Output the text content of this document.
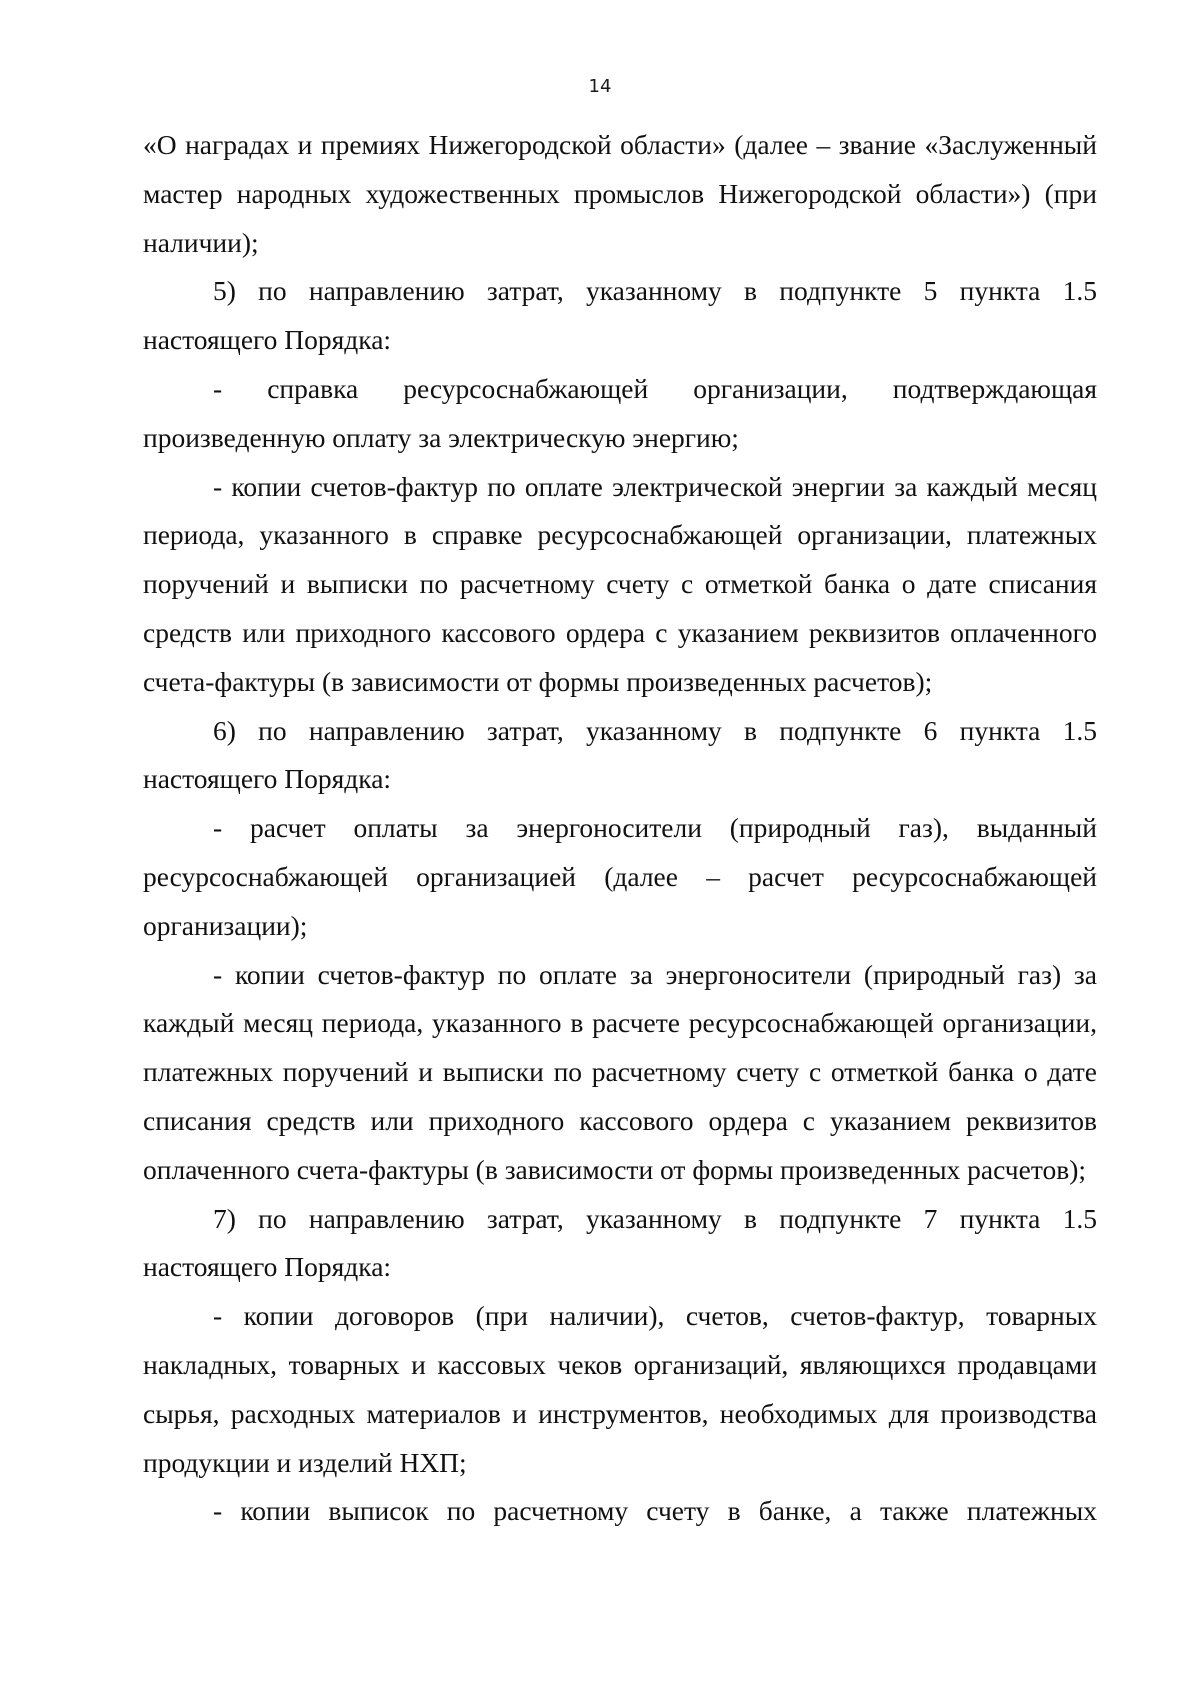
14

«О наградах и премиях Нижегородской области» (далее – звание «Заслуженный мастер народных художественных промыслов Нижегородской области») (при наличии);

5) по направлению затрат, указанному в подпункте 5 пункта 1.5 настоящего Порядка:

- справка ресурсоснабжающей организации, подтверждающая произведенную оплату за электрическую энергию;

- копии счетов-фактур по оплате электрической энергии за каждый месяц периода, указанного в справке ресурсоснабжающей организации, платежных поручений и выписки по расчетному счету с отметкой банка о дате списания средств или приходного кассового ордера с указанием реквизитов оплаченного счета-фактуры (в зависимости от формы произведенных расчетов);

6) по направлению затрат, указанному в подпункте 6 пункта 1.5 настоящего Порядка:

- расчет оплаты за энергоносители (природный газ), выданный ресурсоснабжающей организацией (далее – расчет ресурсоснабжающей организации);

- копии счетов-фактур по оплате за энергоносители (природный газ) за каждый месяц периода, указанного в расчете ресурсоснабжающей организации, платежных поручений и выписки по расчетному счету с отметкой банка о дате списания средств или приходного кассового ордера с указанием реквизитов оплаченного счета-фактуры (в зависимости от формы произведенных расчетов);

7) по направлению затрат, указанному в подпункте 7 пункта 1.5 настоящего Порядка:

- копии договоров (при наличии), счетов, счетов-фактур, товарных накладных, товарных и кассовых чеков организаций, являющихся продавцами сырья, расходных материалов и инструментов, необходимых для производства продукции и изделий НХП;

- копии выписок по расчетному счету в банке, а также платежных
